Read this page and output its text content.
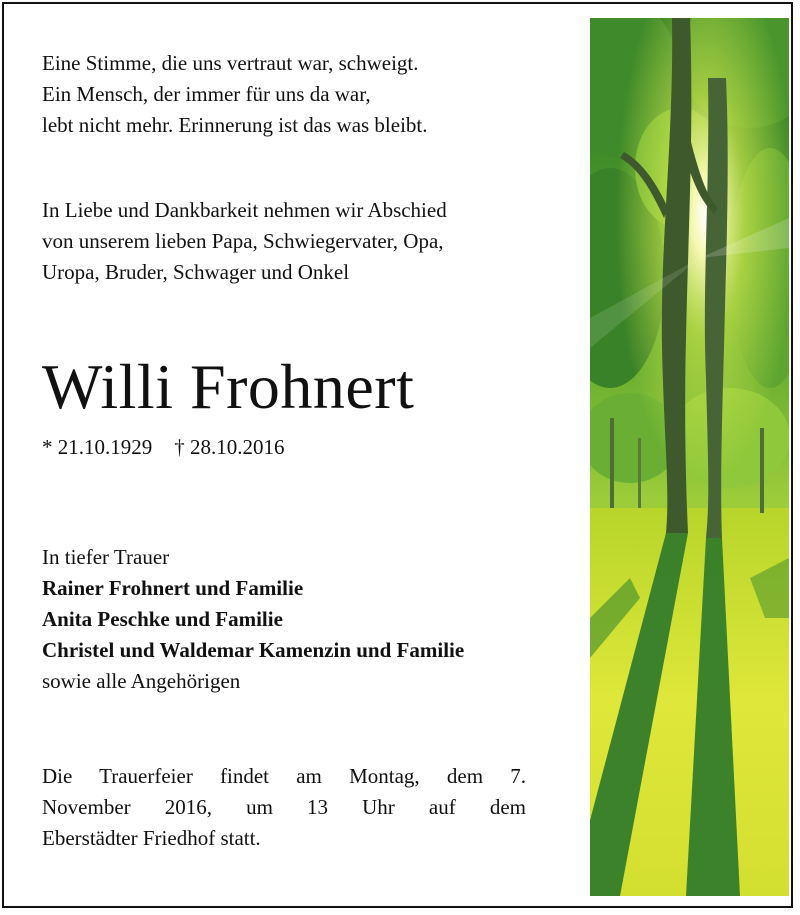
Eine Stimme, die uns vertraut war, schweigt.
Ein Mensch, der immer für uns da war,
lebt nicht mehr. Erinnerung ist das was bleibt.
In Liebe und Dankbarkeit nehmen wir Abschied
von unserem lieben Papa, Schwiegervater, Opa,
Uropa, Bruder, Schwager und Onkel
Willi Frohnert
* 21.10.1929 † 28.10.2016
In tiefer Trauer
Rainer Frohnert und Familie
Anita Peschke und Familie
Christel und Waldemar Kamenzin und Familie
sowie alle Angehörigen
Die Trauerfeier findet am Montag, dem 7.
November 2016, um 13 Uhr auf dem
Eberstädter Friedhof statt.
